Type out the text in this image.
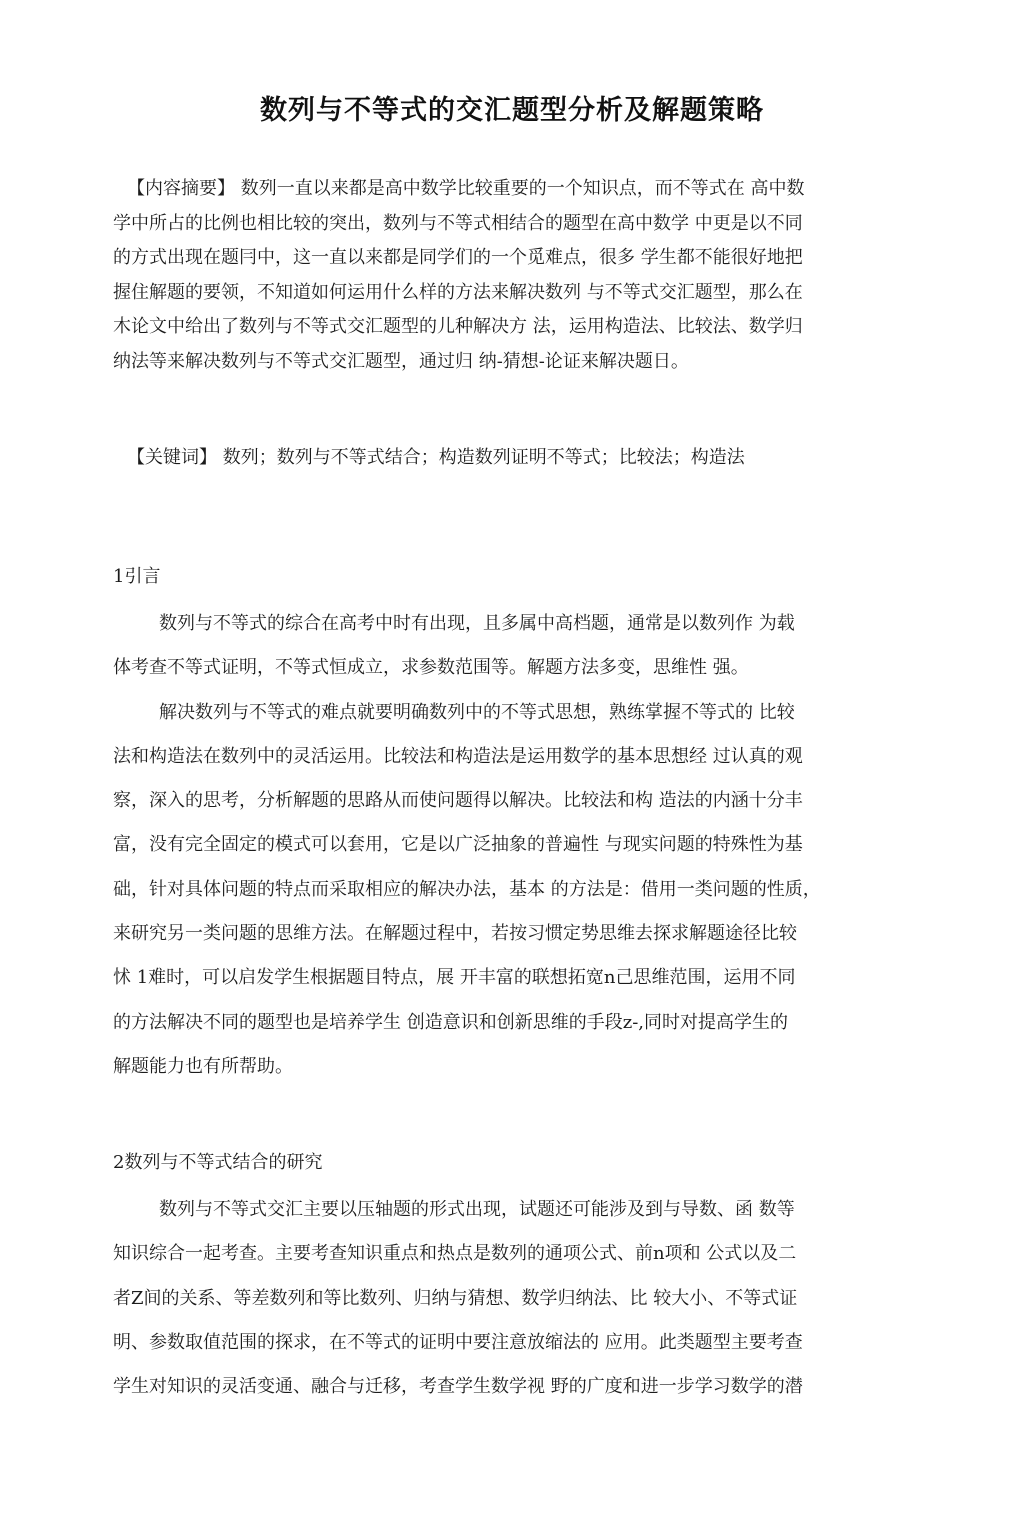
数列与不等式的交汇题型分析及解题策略
【内容摘要】 数列一直以来都是高中数学比较重要的一个知识点，而不等式在 高中数
学中所占的比例也相比较的突出，数列与不等式相结合的题型在高中数学 中更是以不同
的方式出现在题冃中，这一直以来都是同学们的一个觅难点，很多 学生都不能很好地把
握住解题的要领，不知道如何运用什么样的方法来解决数列 与不等式交汇题型，那么在
木论文中给出了数列与不等式交汇题型的儿种解决方 法，运用构造法、比较法、数学归
纳法等来解决数列与不等式交汇题型，通过归 纳-猜想-论证来解决题日。
【关键词】 数列；数列与不等式结合；构造数列证明不等式；比较法；构造法
1引言
数列与不等式的综合在高考中时有出现，且多属中高档题，通常是以数列作 为载
体考查不等式证明，不等式恒成立，求参数范围等。解题方法多变，思维性 强。
解决数列与不等式的难点就要明确数列中的不等式思想，熟练掌握不等式的 比较
法和构造法在数列中的灵活运用。比较法和构造法是运用数学的基本思想经 过认真的观
察，深入的思考，分析解题的思路从而使问题得以解决。比较法和构 造法的内涵十分丰
富，没有完全固定的模式可以套用，它是以广泛抽象的普遍性 与现实问题的特殊性为基
础，针对具体问题的特点而采取相应的解决办法，基本 的方法是：借用一类问题的性质，
来研究另一类问题的思维方法。在解题过程中，若按习惯定势思维去探求解题途径比较
怵 1难时，可以启发学生根据题目特点，展 开丰富的联想拓宽n己思维范围，运用不同
的方法解决不同的题型也是培养学生 创造意识和创新思维的手段z-,同时对提高学生的
解题能力也有所帮助。
2数列与不等式结合的研究
数列与不等式交汇主要以压轴题的形式出现，试题还可能涉及到与导数、函 数等
知识综合一起考查。主要考查知识重点和热点是数列的通项公式、前n项和 公式以及二
者Z间的关系、等差数列和等比数列、归纳与猜想、数学归纳法、比 较大小、不等式证
明、参数取值范围的探求，在不等式的证明中要注意放缩法的 应用。此类题型主要考查
学生对知识的灵活变通、融合与迁移，考查学生数学视 野的广度和进一步学习数学的潜
